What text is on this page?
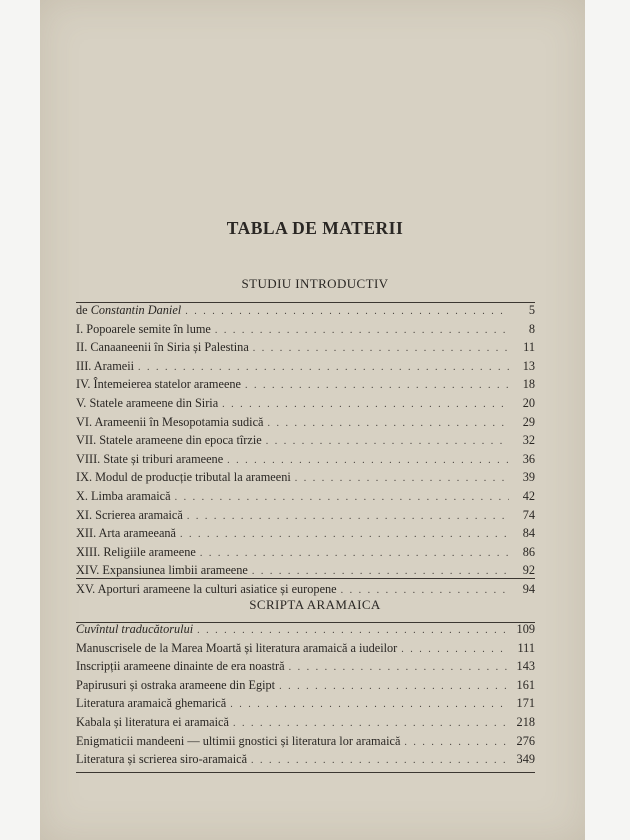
TABLA DE MATERII
STUDIU INTRODUCTIV
de Constantin Daniel . . .	5
I. Popoarele semite în lume . . .	8
II. Canaaneenii în Siria și Palestina . . .	11
III. Arameii . . .	13
IV. Întemeierea statelor arameene . . .	18
V. Statele arameene din Siria . . .	20
VI. Arameenii în Mesopotamia sudică . . .	29
VII. Statele arameene din epoca tîrzie . . .	32
VIII. State și triburi arameene . . .	36
IX. Modul de producție tributal la arameeni . . .	39
X. Limba aramaică . . .	42
XI. Scrierea aramaică . . .	74
XII. Arta arameeană . . .	84
XIII. Religiile arameene . . .	86
XIV. Expansiunea limbii arameene . . .	92
XV. Aporturi arameene la culturi asiatice și europene . . .	94
SCRIPTA ARAMAICA
Cuvîntul traducătorului . . .	109
Manuscrisele de la Marea Moartă și literatura aramaică a iudeilor . . .	111
Inscripții arameene dinainte de era noastră . . .	143
Papirusuri și ostraka arameene din Egipt . . .	161
Literatura aramaică ghemarică . . .	171
Kabala și literatura ei aramaică . . .	218
Enigmaticii mandeeni — ultimii gnostici și literatura lor aramaică . . .	276
Literatura și scrierea siro-aramaică . . .	349
